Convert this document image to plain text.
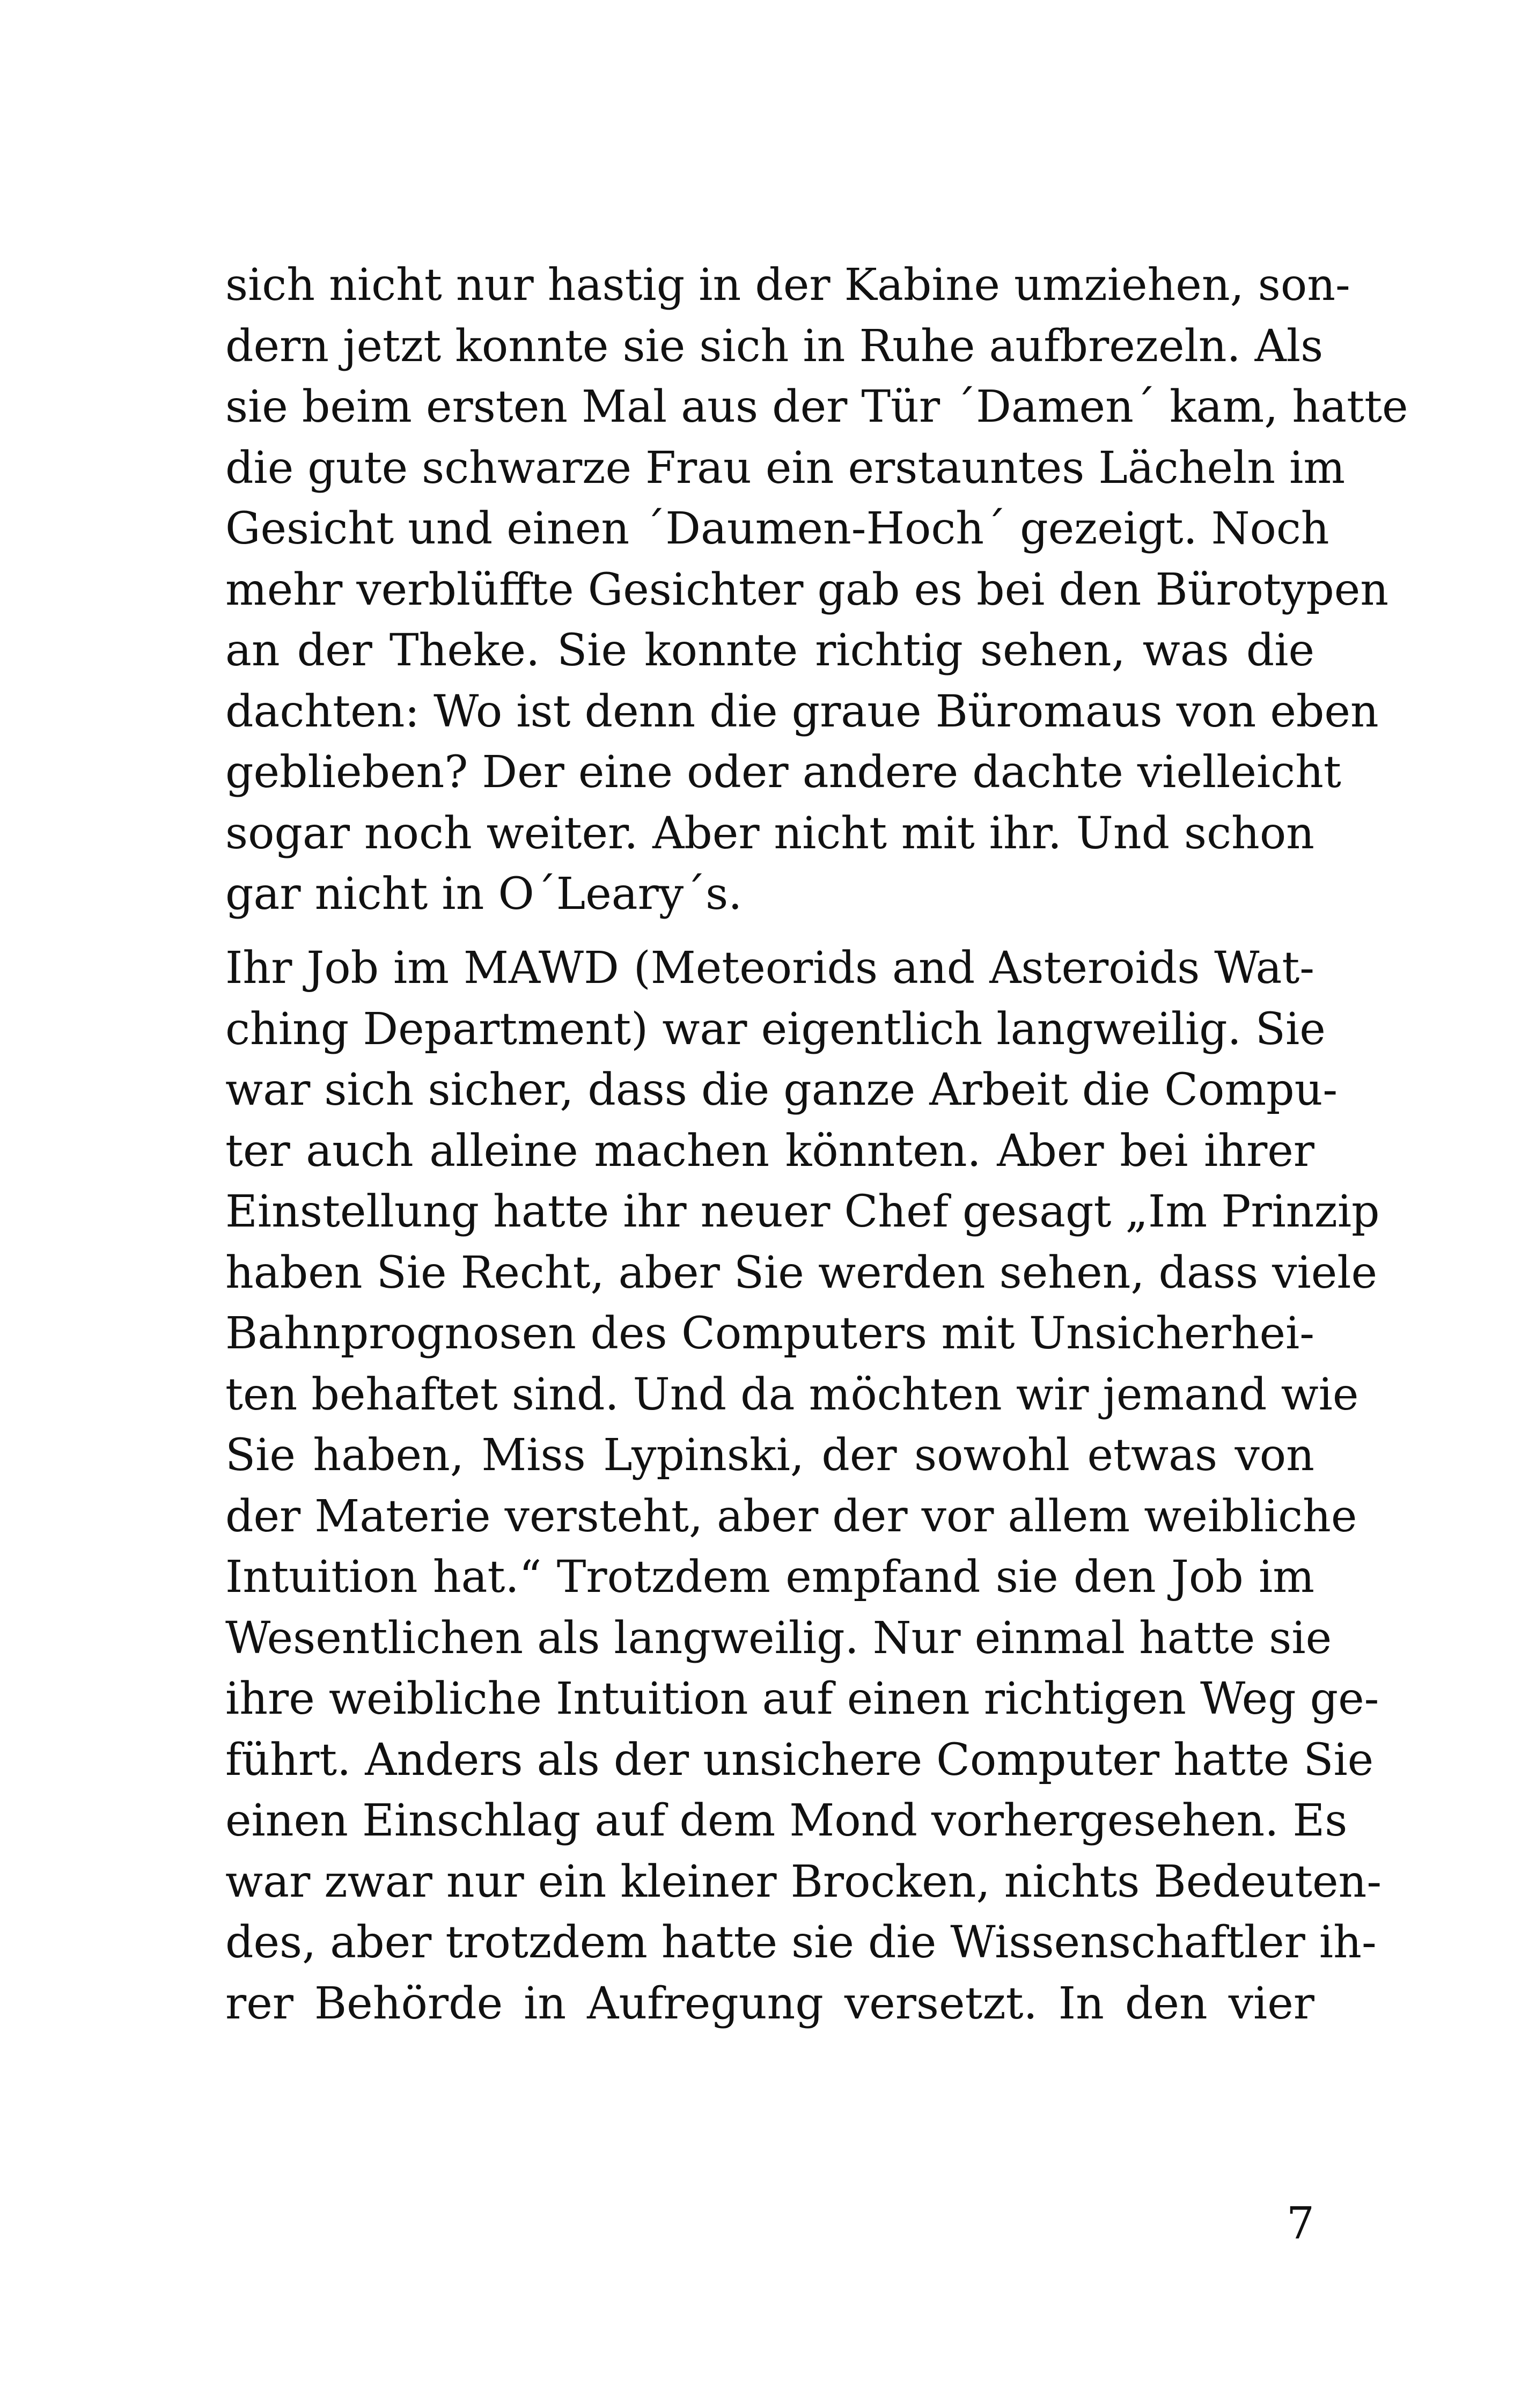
sich nicht nur hastig in der Kabine umziehen, son-
dern jetzt konnte sie sich in Ruhe aufbrezeln. Als
sie beim ersten Mal aus der Tür ´Damen´ kam, hatte
die gute schwarze Frau ein erstauntes Lächeln im
Gesicht und einen ´Daumen-Hoch´ gezeigt. Noch
mehr verblüffte Gesichter gab es bei den Bürotypen
an der Theke. Sie konnte richtig sehen, was die
dachten: Wo ist denn die graue Büromaus von eben
geblieben? Der eine oder andere dachte vielleicht
sogar noch weiter. Aber nicht mit ihr. Und schon
gar nicht in O´Leary´s.
Ihr Job im MAWD (Meteorids and Asteroids Wat-
ching Department) war eigentlich langweilig. Sie
war sich sicher, dass die ganze Arbeit die Compu-
ter auch alleine machen könnten. Aber bei ihrer
Einstellung hatte ihr neuer Chef gesagt „Im Prinzip
haben Sie Recht, aber Sie werden sehen, dass viele
Bahnprognosen des Computers mit Unsicherhei-
ten behaftet sind. Und da möchten wir jemand wie
Sie haben, Miss Lypinski, der sowohl etwas von
der Materie versteht, aber der vor allem weibliche
Intuition hat.“ Trotzdem empfand sie den Job im
Wesentlichen als langweilig. Nur einmal hatte sie
ihre weibliche Intuition auf einen richtigen Weg ge-
führt. Anders als der unsichere Computer hatte Sie
einen Einschlag auf dem Mond vorhergesehen. Es
war zwar nur ein kleiner Brocken, nichts Bedeuten-
des, aber trotzdem hatte sie die Wissenschaftler ih-
rer Behörde in Aufregung versetzt. In den vier
7
